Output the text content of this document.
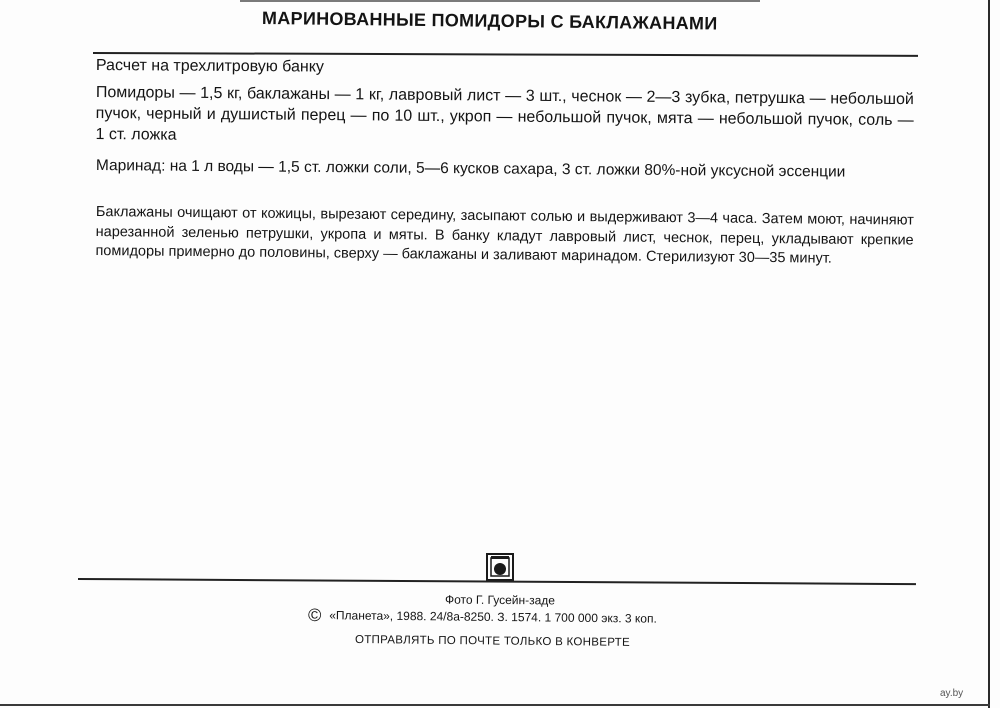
МАРИНОВАННЫЕ ПОМИДОРЫ С БАКЛАЖАНАМИ

Расчет на трехлитровую банку

Помидоры — 1,5 кг, баклажаны — 1 кг, лавровый лист — 3 шт., чеснок — 2—3 зубка, петрушка — небольшой пучок, черный и душистый перец — по 10 шт., укроп — небольшой пучок, мята — небольшой пучок, соль — 1 ст. ложка

Маринад: на 1 л воды — 1,5 ст. ложки соли, 5—6 кусков сахара, 3 ст. ложки 80%-ной уксусной эссенции

Баклажаны очищают от кожицы, вырезают середину, засыпают солью и выдерживают 3—4 часа. Затем моют, начиняют нарезанной зеленью петрушки, укропа и мяты. В банку кладут лавровый лист, чеснок, перец, укладывают крепкие помидоры примерно до половины, сверху — баклажаны и заливают маринадом. Стерилизуют 30—35 минут.

Фото Г. Гусейн-заде
© «Планета», 1988. 24/8а-8250. З. 1574. 1 700 000 экз. 3 коп.
ОТПРАВЛЯТЬ ПО ПОЧТЕ ТОЛЬКО В КОНВЕРТЕ
ay.by
